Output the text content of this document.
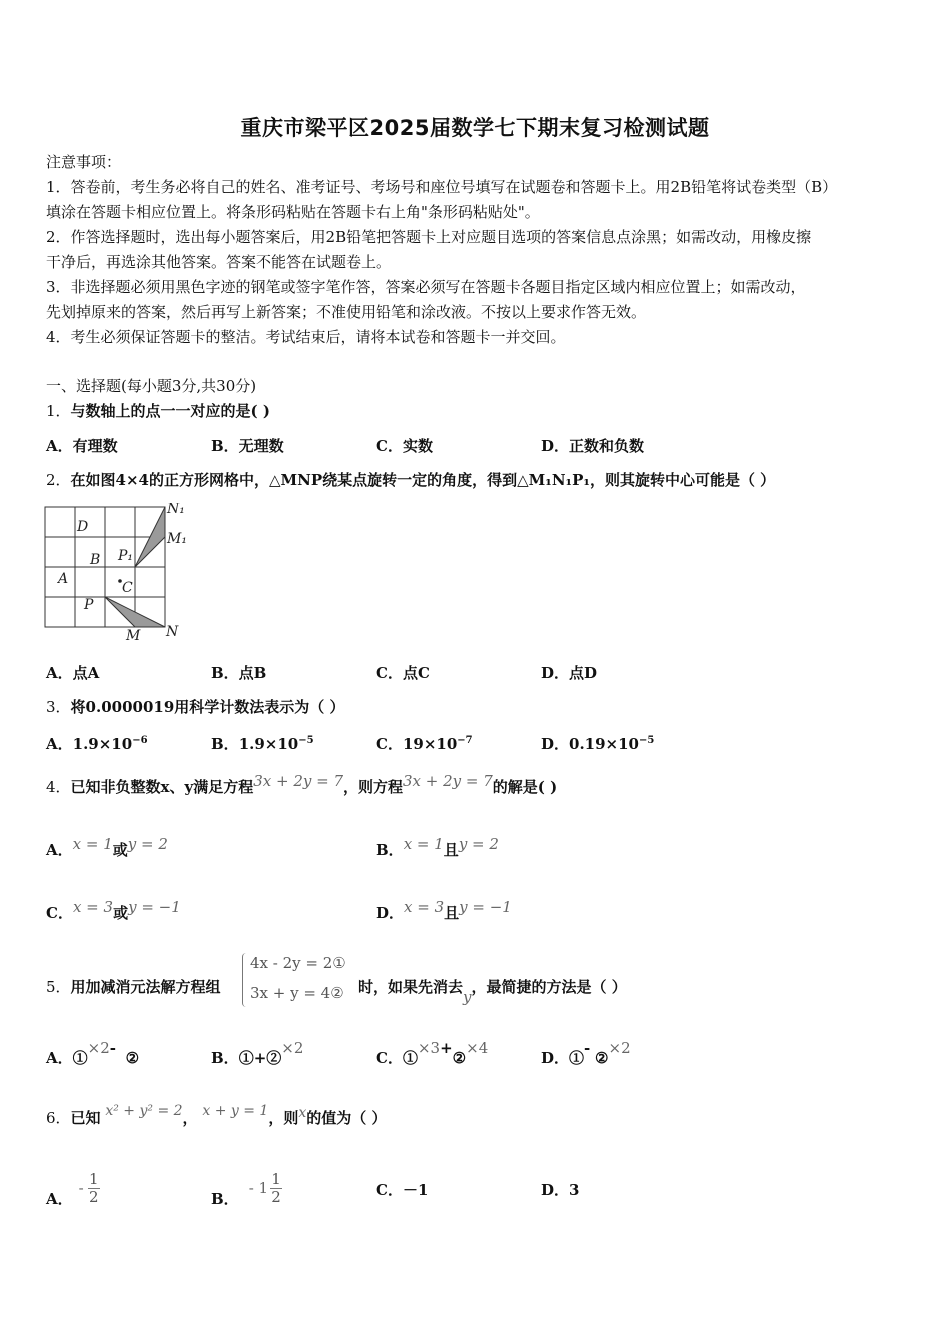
重庆市梁平区2025届数学七下期末复习检测试题
注意事项：
1．答卷前，考生务必将自己的姓名、准考证号、考场号和座位号填写在试题卷和答题卡上。用2B铅笔将试卷类型（B）
填涂在答题卡相应位置上。将条形码粘贴在答题卡右上角"条形码粘贴处"。
2．作答选择题时，选出每小题答案后，用2B铅笔把答题卡上对应题目选项的答案信息点涂黑；如需改动，用橡皮擦
干净后，再选涂其他答案。答案不能答在试题卷上。
3．非选择题必须用黑色字迹的钢笔或签字笔作答，答案必须写在答题卡各题目指定区域内相应位置上；如需改动，
先划掉原来的答案，然后再写上新答案；不准使用铅笔和涂改液。不按以上要求作答无效。
4．考生必须保证答题卡的整洁。考试结束后，请将本试卷和答题卡一并交回。
一、选择题(每小题3分,共30分)
1．与数轴上的点一一对应的是( )
A．有理数	B．无理数	C．实数	D．正数和负数
2．在如图4×4的正方形网格中，△MNP绕某点旋转一定的角度，得到△M₁N₁P₁，则其旋转中心可能是（ ）
D
B P₁
A
C
P
M N
N₁
M₁
A．点A	B．点B	C．点C	D．点D
3．将0.0000019用科学计数法表示为（ ）
A．$1.9\times 10^{-6}$	B．$1.9\times 10^{-5}$	C．$19\times 10^{-7}$	D．$0.19\times 10^{-5}$
4．已知非负整数x、y满足方程3x + 2y = 7，则方程3x + 2y = 7的解是( )
A．x = 1或y = 2	B．x = 1且y = 2
C．x = 3或y = −1	D．x = 3且y = −1
5．用加减消元法解方程组
4x - 2y = 2①
3x + y = 4② 时，如果先消去y，最简捷的方法是（ ）
A．①×2-  ②	B．①+②×2
C．①×3+②×4
D．①- ②×2
6．已知 x² + y² = 2， x + y = 1，则x的值为（ ）
A．
- $\frac{1}{2}$	B．
- $1 \frac{1}{2}$	C．－1	D．3
